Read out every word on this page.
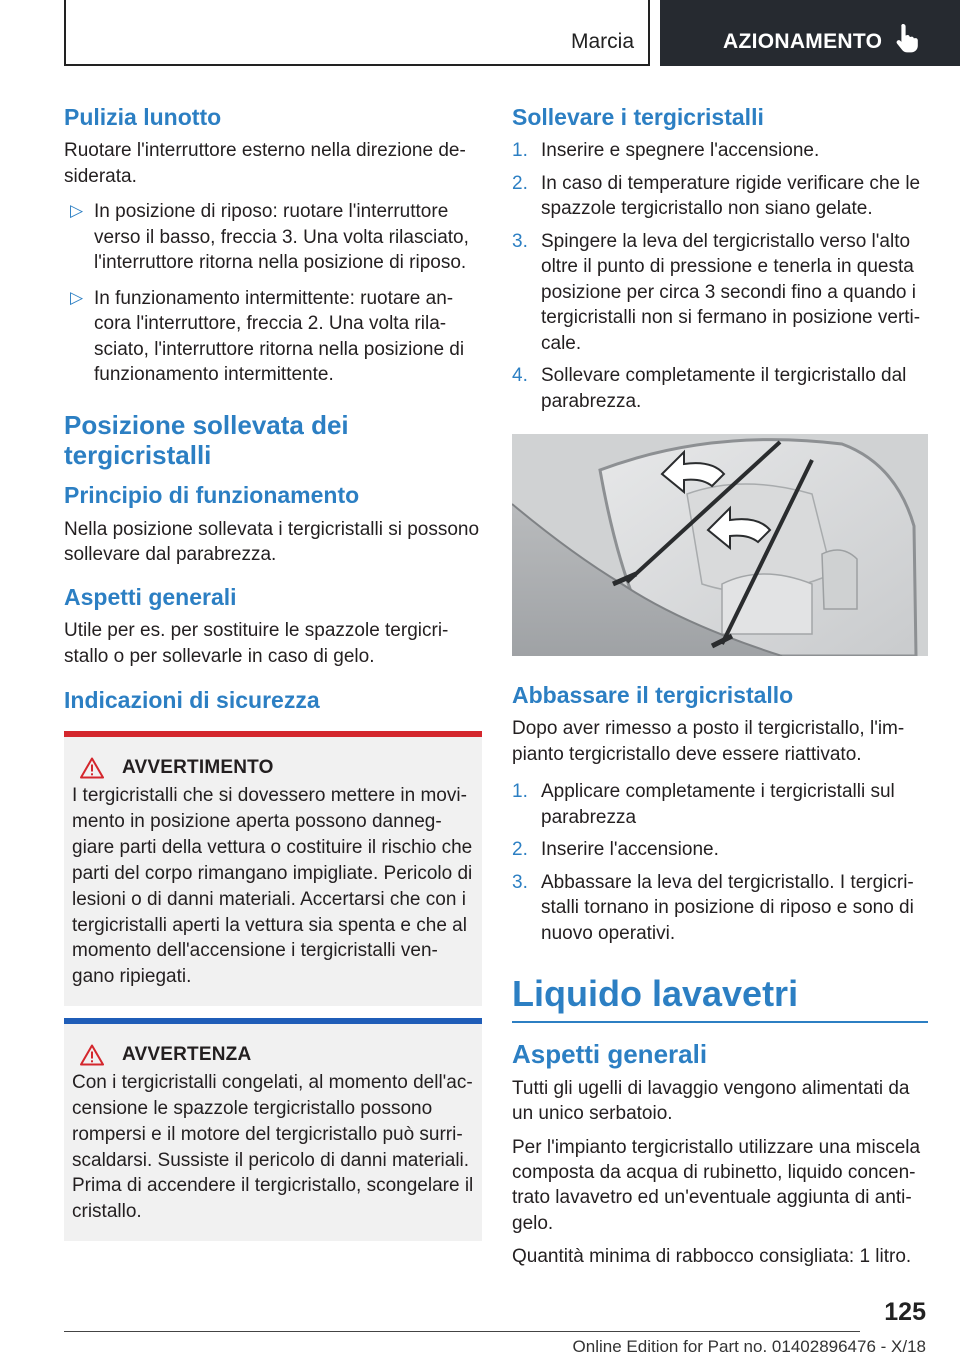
Marcia	AZIONAMENTO
Pulizia lunotto

Ruotare l'interruttore esterno nella direzione de-siderata.

▷ In posizione di riposo: ruotare l'interruttore verso il basso, freccia 3. Una volta rilasciato, l'interruttore ritorna nella posizione di riposo.
▷ In funzionamento intermittente: ruotare an-cora l'interruttore, freccia 2. Una volta rila-sciato, l'interruttore ritorna nella posizione di funzionamento intermittente.
Posizione sollevata dei tergicristalli
Principio di funzionamento

Nella posizione sollevata i tergicristalli si possono sollevare dal parabrezza.

Aspetti generali

Utile per es. per sostituire le spazzole tergicri-stallo o per sollevarle in caso di gelo.

Indicazioni di sicurezza
AVVERTIMENTO

I tergicristalli che si dovessero mettere in movi-mento in posizione aperta possono danneg-giare parti della vettura o costituire il rischio che parti del corpo rimangano impigliate. Pericolo di lesioni o di danni materiali. Accertarsi che con i tergicristalli aperti la vettura sia spenta e che al momento dell'accensione i tergicristalli ven-gano ripiegati.

AVVERTENZA

Con i tergicristalli congelati, al momento dell'ac-censione le spazzole tergicristallo possono rompersi e il motore del tergicristallo può surri-scaldarsi. Sussiste il pericolo di danni materiali. Prima di accendere il tergicristallo, scongelare il cristallo.

Sollevare i tergicristalli
1. Inserire e spegnere l'accensione.
2. In caso di temperature rigide verificare che le spazzole tergicristallo non siano gelate.
3. Spingere la leva del tergicristallo verso l'alto oltre il punto di pressione e tenerla in questa posizione per circa 3 secondi fino a quando i tergicristalli non si fermano in posizione verti-cale.
4. Sollevare completamente il tergicristallo dal parabrezza.
Abbassare il tergicristallo

Dopo aver rimesso a posto il tergicristallo, l'im-pianto tergicristallo deve essere riattivato.

1. Applicare completamente i tergicristalli sul parabrezza
2. Inserire l'accensione.
3. Abbassare la leva del tergicristallo. I tergicri-stalli tornano in posizione di riposo e sono di nuovo operativi.
Liquido lavavetri
Aspetti generali

Tutti gli ugelli di lavaggio vengono alimentati da un unico serbatoio.

Per l'impianto tergicristallo utilizzare una miscela composta da acqua di rubinetto, liquido concen-trato lavavetro ed un'eventuale aggiunta di anti-gelo.

Quantità minima di rabbocco consigliata: 1 litro.

125
Online Edition for Part no. 01402896476 - X/18
